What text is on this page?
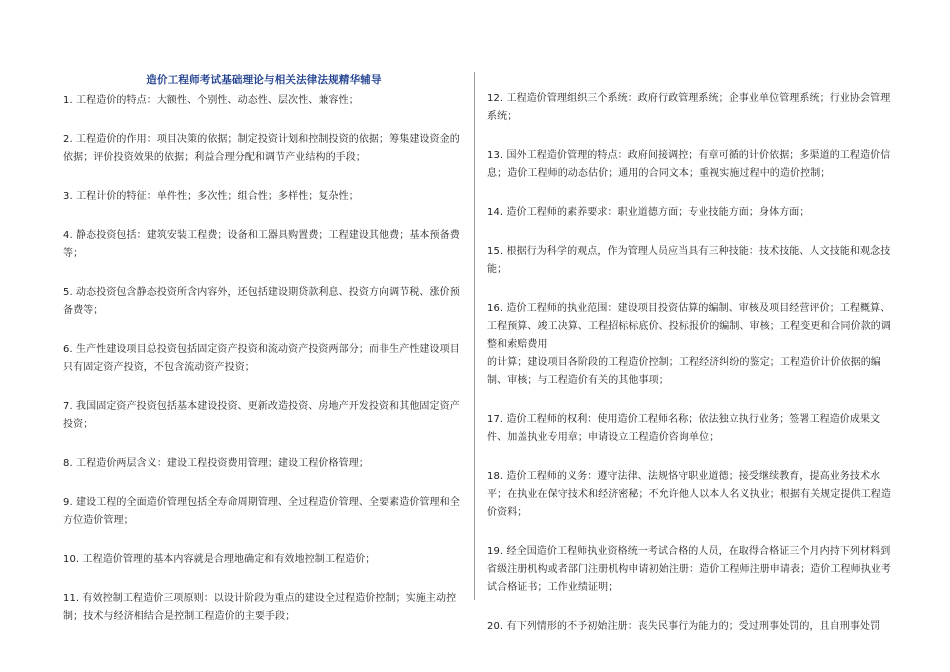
造价工程师考试基础理论与相关法律法规精华辅导

1. 工程造价的特点：大额性、个别性、动态性、层次性、兼容性；

2. 工程造价的作用：项目决策的依据；制定投资计划和控制投资的依据；筹集建设资金的依据；评价投资效果的依据；利益合理分配和调节产业结构的手段；

3. 工程计价的特征：单件性；多次性；组合性；多样性；复杂性；

4. 静态投资包括：建筑安装工程费；设备和工器具购置费；工程建设其他费；基本预备费等；

5. 动态投资包含静态投资所含内容外，还包括建设期贷款利息、投资方向调节税、涨价预备费等；

6. 生产性建设项目总投资包括固定资产投资和流动资产投资两部分；而非生产性建设项目只有固定资产投资，不包含流动资产投资；

7. 我国固定资产投资包括基本建设投资、更新改造投资、房地产开发投资和其他固定资产投资；

8. 工程造价两层含义：建设工程投资费用管理；建设工程价格管理；

9. 建设工程的全面造价管理包括全寿命周期管理、全过程造价管理、全要素造价管理和全方位造价管理；

10. 工程造价管理的基本内容就是合理地确定和有效地控制工程造价；

11. 有效控制工程造价三项原则：以设计阶段为重点的建设全过程造价控制；实施主动控制；技术与经济相结合是控制工程造价的主要手段；

12. 工程造价管理组织三个系统：政府行政管理系统；企事业单位管理系统；行业协会管理系统；

13. 国外工程造价管理的特点：政府间接调控；有章可循的计价依据；多渠道的工程造价信息；造价工程师的动态估价；通用的合同文本；重视实施过程中的造价控制；

14. 造价工程师的素养要求：职业道德方面；专业技能方面；身体方面；

15. 根据行为科学的观点，作为管理人员应当具有三种技能：技术技能、人文技能和观念技能；

16. 造价工程师的执业范围：建设项目投资估算的编制、审核及项目经营评价；工程概算、工程预算、竣工决算、工程招标标底价、投标报价的编制、审核；工程变更和合同价款的调整和索赔费用

的计算；建设项目各阶段的工程造价控制；工程经济纠纷的鉴定；工程造价计价依据的编制、审核；与工程造价有关的其他事项；

17. 造价工程师的权利：使用造价工程师名称；依法独立执行业务；签署工程造价成果文件、加盖执业专用章；申请设立工程造价咨询单位；

18. 造价工程师的义务：遵守法律、法规恪守职业道德；接受继续教育，提高业务技术水平；在执业在保守技术和经济密秘；不允许他人以本人名义执业；根据有关规定提供工程造价资料；

19. 经全国造价工程师执业资格统一考试合格的人员，在取得合格证三个月内持下列材料到省级注册机构或者部门注册机构申请初始注册：造价工程师注册申请表；造价工程师执业考试合格证书；工作业绩证明；

20. 有下列情形的不予初始注册：丧失民事行为能力的；受过刑事处罚的，且自刑事处罚
